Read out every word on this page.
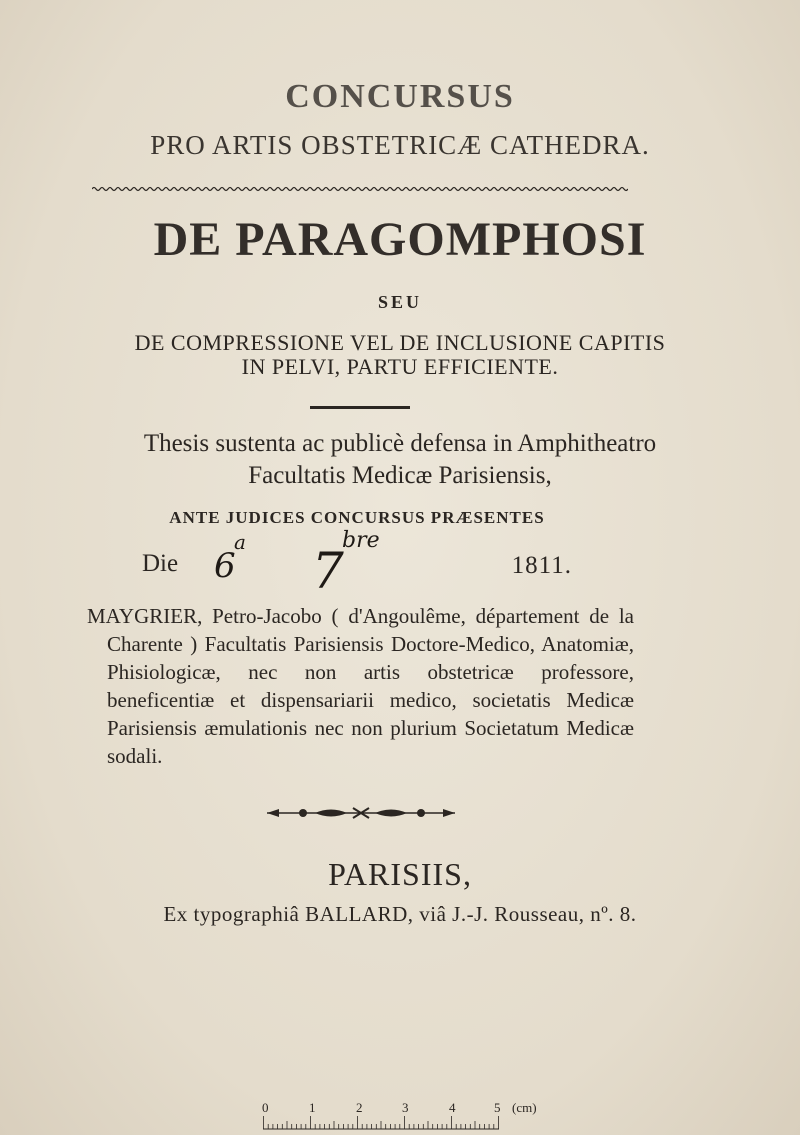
CONCURSUS
PRO ARTIS OBSTETRICÆ CATHEDRA.
DE PARAGOMPHOSI
SEU
DE COMPRESSIONE VEL DE INCLUSIONE CAPITIS
IN PELVI, PARTU EFFICIENTE.
Thesis sustenta ac publicè defensa in Amphitheatro
Facultatis Medicæ Parisiensis,
ANTE JUDICES CONCURSUS PRÆSENTES
Die 6
a 7
bre
1811.
MAYGRIER, Petro-Jacobo ( d'Angoulême, département de la Charente ) Facultatis Parisiensis Doctore-Medico, Anatomiæ, Phisiologicæ, nec non artis obstetricæ professore, beneficentiæ et dispensariarii medico, societatis Medicæ Parisiensis æmulationis nec non plurium Societatum Medicæ sodali.
PARISIIS,
Ex typographiâ BALLARD, viâ J.-J. Rousseau, nº. 8.
0	1	2	3	4	5 (cm)
